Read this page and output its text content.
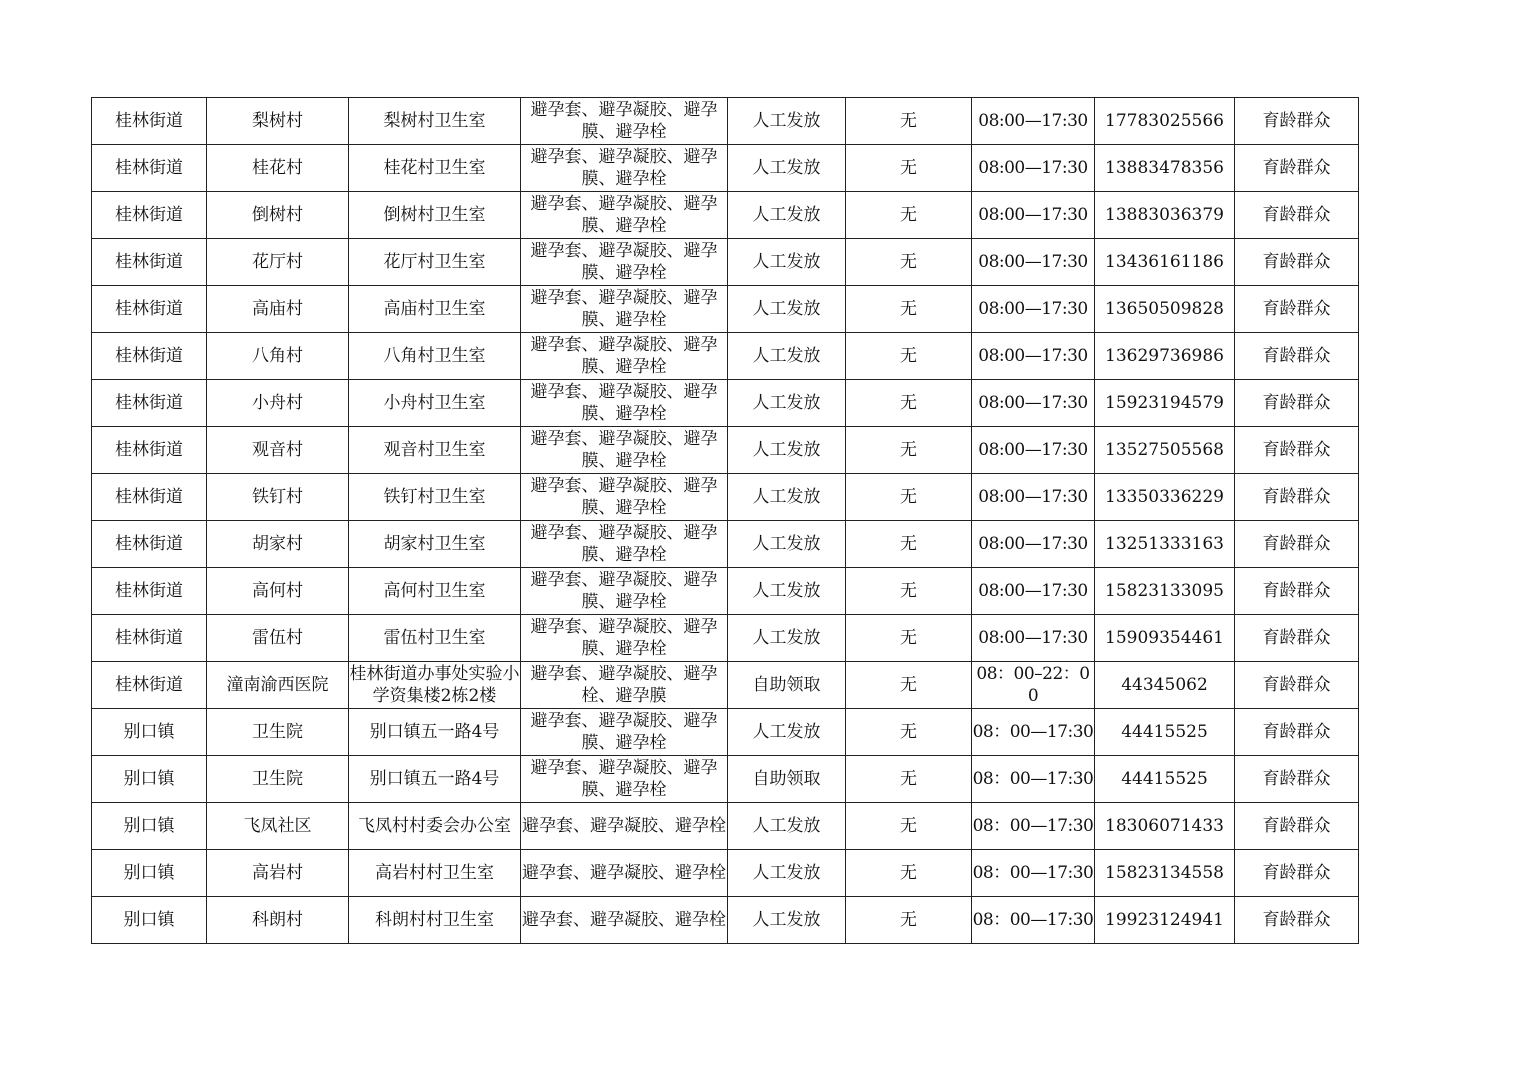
桂林街道	梨树村	梨树村卫生室	避孕套、避孕凝胶、避孕膜、避孕栓	人工发放	无	08:00—17:30	17783025566	育龄群众
桂林街道	桂花村	桂花村卫生室	避孕套、避孕凝胶、避孕膜、避孕栓	人工发放	无	08:00—17:30	13883478356	育龄群众
桂林街道	倒树村	倒树村卫生室	避孕套、避孕凝胶、避孕膜、避孕栓	人工发放	无	08:00—17:30	13883036379	育龄群众
桂林街道	花厅村	花厅村卫生室	避孕套、避孕凝胶、避孕膜、避孕栓	人工发放	无	08:00—17:30	13436161186	育龄群众
桂林街道	高庙村	高庙村卫生室	避孕套、避孕凝胶、避孕膜、避孕栓	人工发放	无	08:00—17:30	13650509828	育龄群众
桂林街道	八角村	八角村卫生室	避孕套、避孕凝胶、避孕膜、避孕栓	人工发放	无	08:00—17:30	13629736986	育龄群众
桂林街道	小舟村	小舟村卫生室	避孕套、避孕凝胶、避孕膜、避孕栓	人工发放	无	08:00—17:30	15923194579	育龄群众
桂林街道	观音村	观音村卫生室	避孕套、避孕凝胶、避孕膜、避孕栓	人工发放	无	08:00—17:30	13527505568	育龄群众
桂林街道	铁钉村	铁钉村卫生室	避孕套、避孕凝胶、避孕膜、避孕栓	人工发放	无	08:00—17:30	13350336229	育龄群众
桂林街道	胡家村	胡家村卫生室	避孕套、避孕凝胶、避孕膜、避孕栓	人工发放	无	08:00—17:30	13251333163	育龄群众
桂林街道	高何村	高何村卫生室	避孕套、避孕凝胶、避孕膜、避孕栓	人工发放	无	08:00—17:30	15823133095	育龄群众
桂林街道	雷伍村	雷伍村卫生室	避孕套、避孕凝胶、避孕膜、避孕栓	人工发放	无	08:00—17:30	15909354461	育龄群众
桂林街道	潼南渝西医院	桂林街道办事处实验小学资集楼2栋2楼	避孕套、避孕凝胶、避孕栓、避孕膜	自助领取	无	08：00–22：00	44345062	育龄群众
别口镇	卫生院	别口镇五一路4号	避孕套、避孕凝胶、避孕膜、避孕栓	人工发放	无	08：00—17:30	44415525	育龄群众
别口镇	卫生院	别口镇五一路4号	避孕套、避孕凝胶、避孕膜、避孕栓	自助领取	无	08：00—17:30	44415525	育龄群众
别口镇	飞凤社区	飞凤村村委会办公室	避孕套、避孕凝胶、避孕栓	人工发放	无	08：00—17:30	18306071433	育龄群众
别口镇	高岩村	高岩村村卫生室	避孕套、避孕凝胶、避孕栓	人工发放	无	08：00—17:30	15823134558	育龄群众
别口镇	科朗村	科朗村村卫生室	避孕套、避孕凝胶、避孕栓	人工发放	无	08：00—17:30	19923124941	育龄群众
